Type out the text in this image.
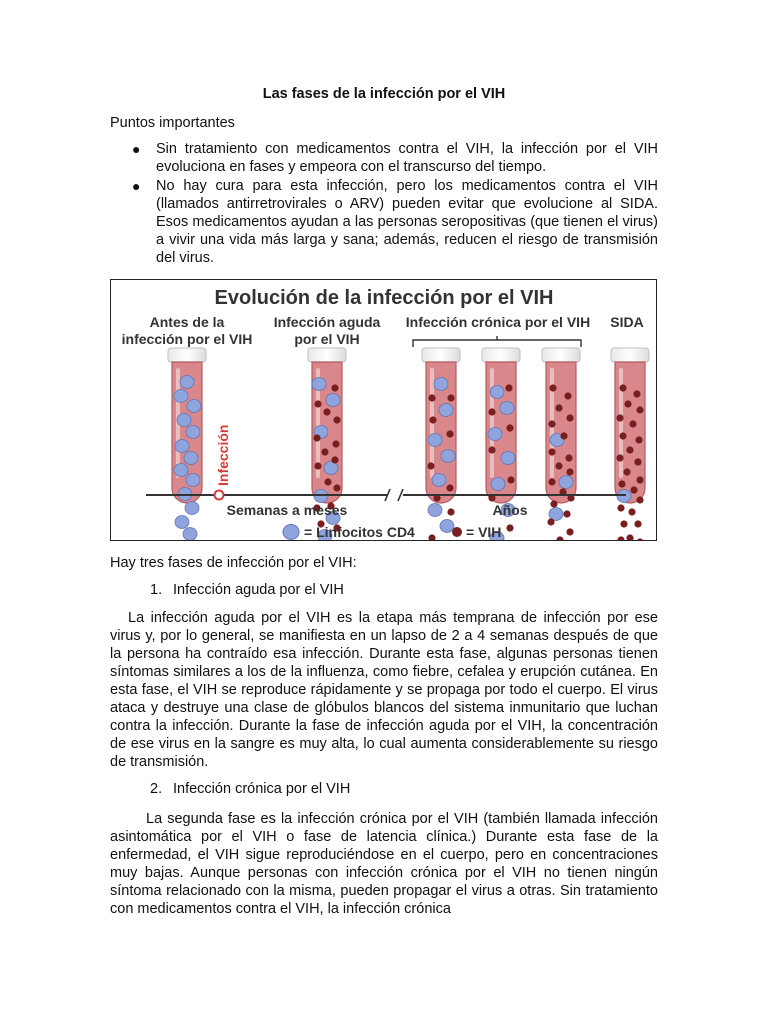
Las fases de la infección por el VIH
Puntos importantes
● Sin tratamiento con medicamentos contra el VIH, la infección por el VIH evoluciona en fases y empeora con el transcurso del tiempo.
● No hay cura para esta infección, pero los medicamentos contra el VIH (llamados antirretrovirales o ARV) pueden evitar que evolucione al SIDA. Esos medicamentos ayudan a las personas seropositivas (que tienen el virus) a vivir una vida más larga y sana; además, reducen el riesgo de transmisión del virus.
Evolución de la infección por el VIH
Antes de la
infección por el VIH
Infección aguda
por el VIH
Infección crónica por el VIH SIDA
Infección
Semanas a meses	Años
= Linfocitos CD4	= VIH
Hay tres fases de infección por el VIH:
1. Infección aguda por el VIH
La infección aguda por el VIH es la etapa más temprana de infección por ese virus y, por lo general, se manifiesta en un lapso de 2 a 4 semanas después de que la persona ha contraído esa infección. Durante esta fase, algunas personas tienen síntomas similares a los de la influenza, como fiebre, cefalea y erupción cutánea. En esta fase, el VIH se reproduce rápidamente y se propaga por todo el cuerpo. El virus ataca y destruye una clase de glóbulos blancos del sistema inmunitario que luchan contra la infección. Durante la fase de infección aguda por el VIH, la concentración de ese virus en la sangre es muy alta, lo cual aumenta considerablemente su riesgo de transmisión.
2. Infección crónica por el VIH
La segunda fase es la infección crónica por el VIH (también llamada infección asintomática por el VIH o fase de latencia clínica.) Durante esta fase de la enfermedad, el VIH sigue reproduciéndose en el cuerpo, pero en concentraciones muy bajas. Aunque personas con infección crónica por el VIH no tienen ningún síntoma relacionado con la misma, pueden propagar el virus a otras. Sin tratamiento con medicamentos contra el VIH, la infección crónica
